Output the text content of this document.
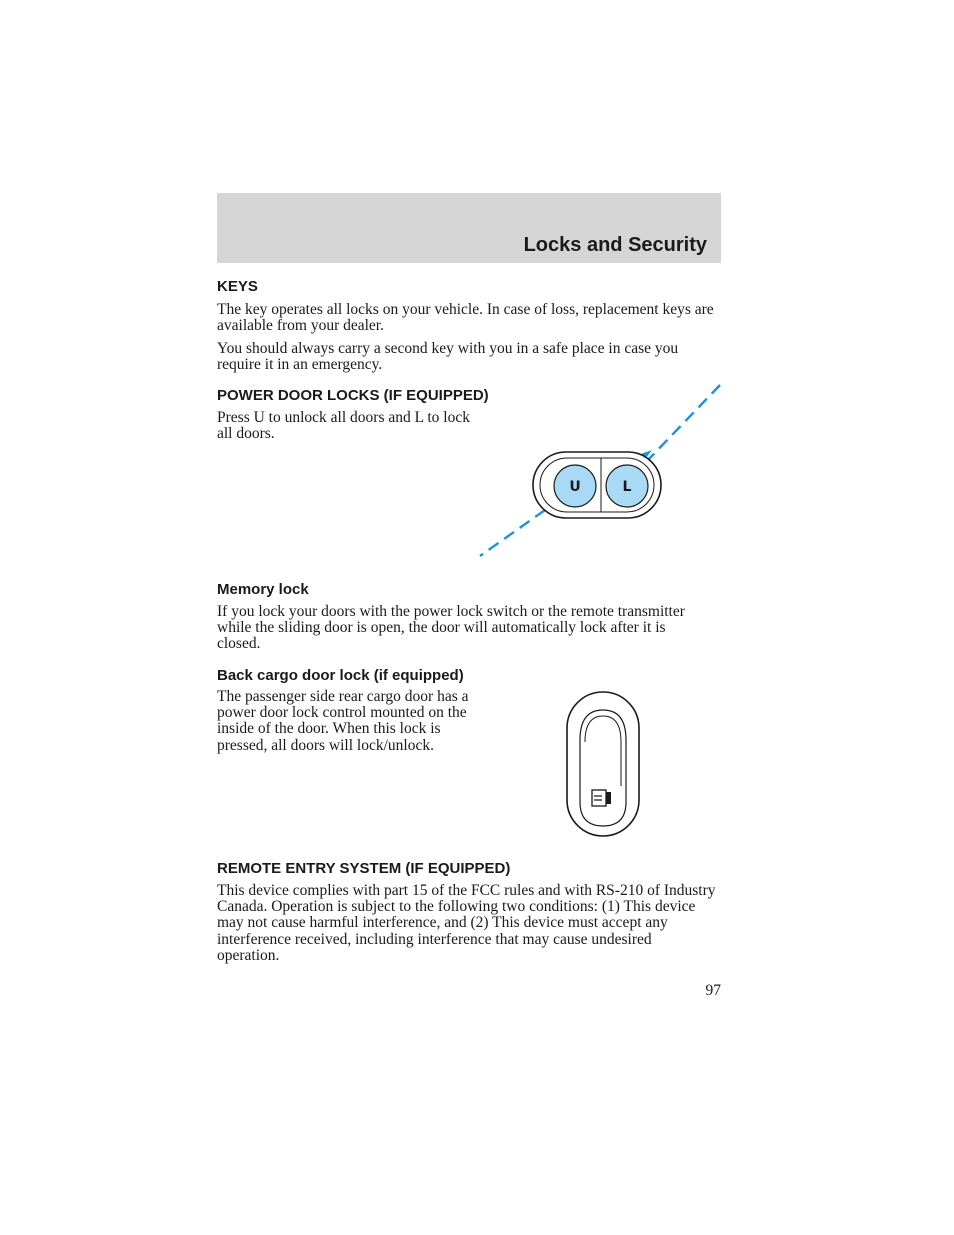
Locks and Security
KEYS

The key operates all locks on your vehicle. In case of loss, replacement keys are available from your dealer.

You should always carry a second key with you in a safe place in case you require it in an emergency.

POWER DOOR LOCKS (IF EQUIPPED)

Press U to unlock all doors and L to lock all doors.

U	L
Memory lock

If you lock your doors with the power lock switch or the remote transmitter while the sliding door is open, the door will automatically lock after it is closed.

Back cargo door lock (if equipped)

The passenger side rear cargo door has a power door lock control mounted on the inside of the door. When this lock is pressed, all doors will lock/unlock.

REMOTE ENTRY SYSTEM (IF EQUIPPED)

This device complies with part 15 of the FCC rules and with RS-210 of Industry Canada. Operation is subject to the following two conditions: (1) This device may not cause harmful interference, and (2) This device must accept any interference received, including interference that may cause undesired operation.

97
